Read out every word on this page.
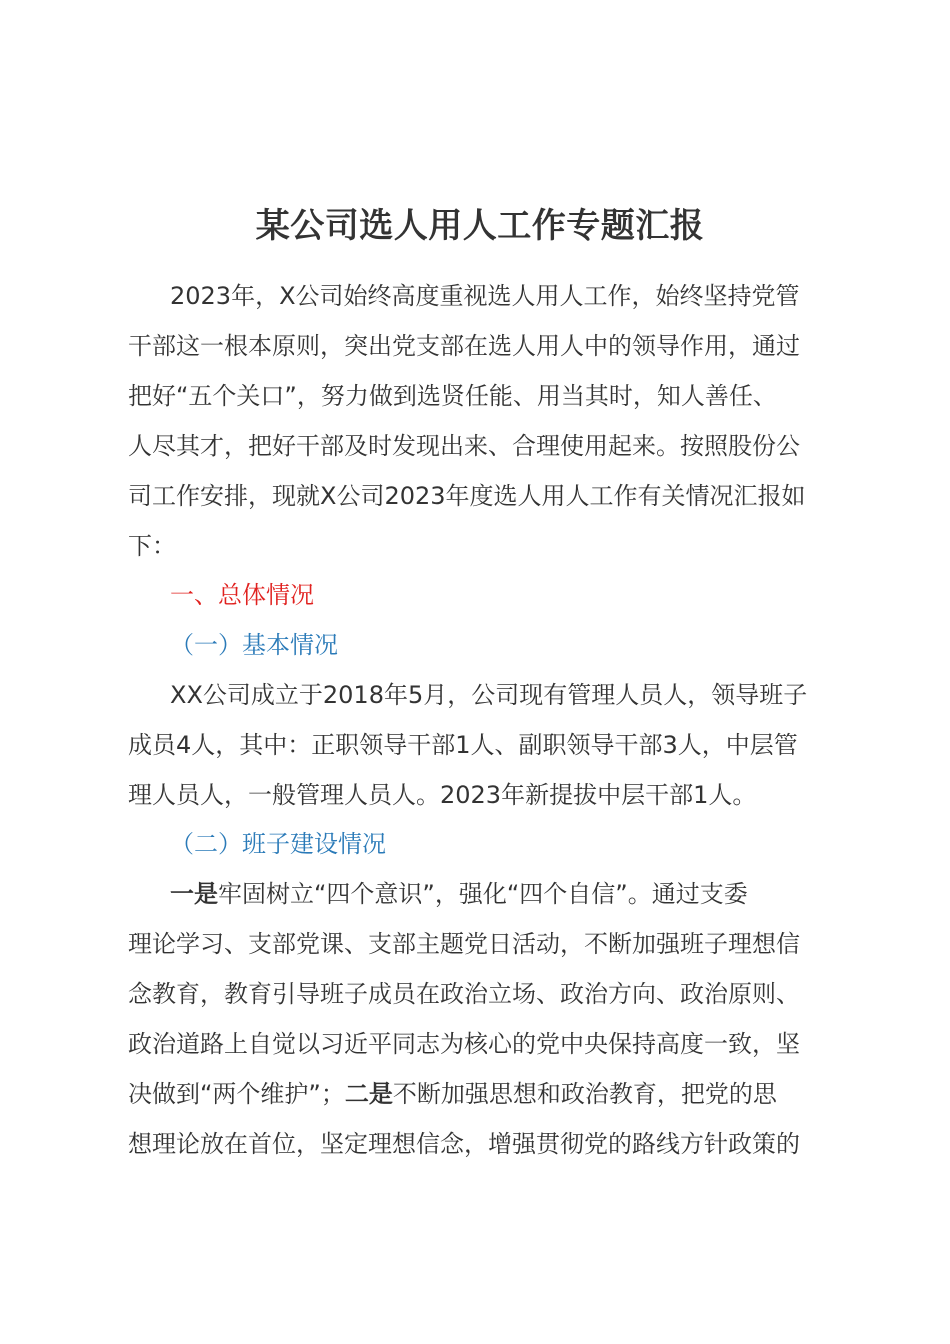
某公司选人用人工作专题汇报
2023年，X公司始终高度重视选人用人工作，始终坚持党管
干部这一根本原则，突出党支部在选人用人中的领导作用，通过
把好“五个关口”，努力做到选贤任能、用当其时，知人善任、
人尽其才，把好干部及时发现出来、合理使用起来。按照股份公
司工作安排，现就X公司2023年度选人用人工作有关情况汇报如
下：
一、总体情况
（一）基本情况
XX公司成立于2018年5月，公司现有管理人员人，领导班子
成员4人，其中：正职领导干部1人、副职领导干部3人，中层管
理人员人，一般管理人员人。2023年新提拔中层干部1人。
（二）班子建设情况
一是牢固树立“四个意识”，强化“四个自信”。通过支委
理论学习、支部党课、支部主题党日活动，不断加强班子理想信
念教育，教育引导班子成员在政治立场、政治方向、政治原则、
政治道路上自觉以习近平同志为核心的党中央保持高度一致，坚
决做到“两个维护”；二是不断加强思想和政治教育，把党的思
想理论放在首位，坚定理想信念，增强贯彻党的路线方针政策的
